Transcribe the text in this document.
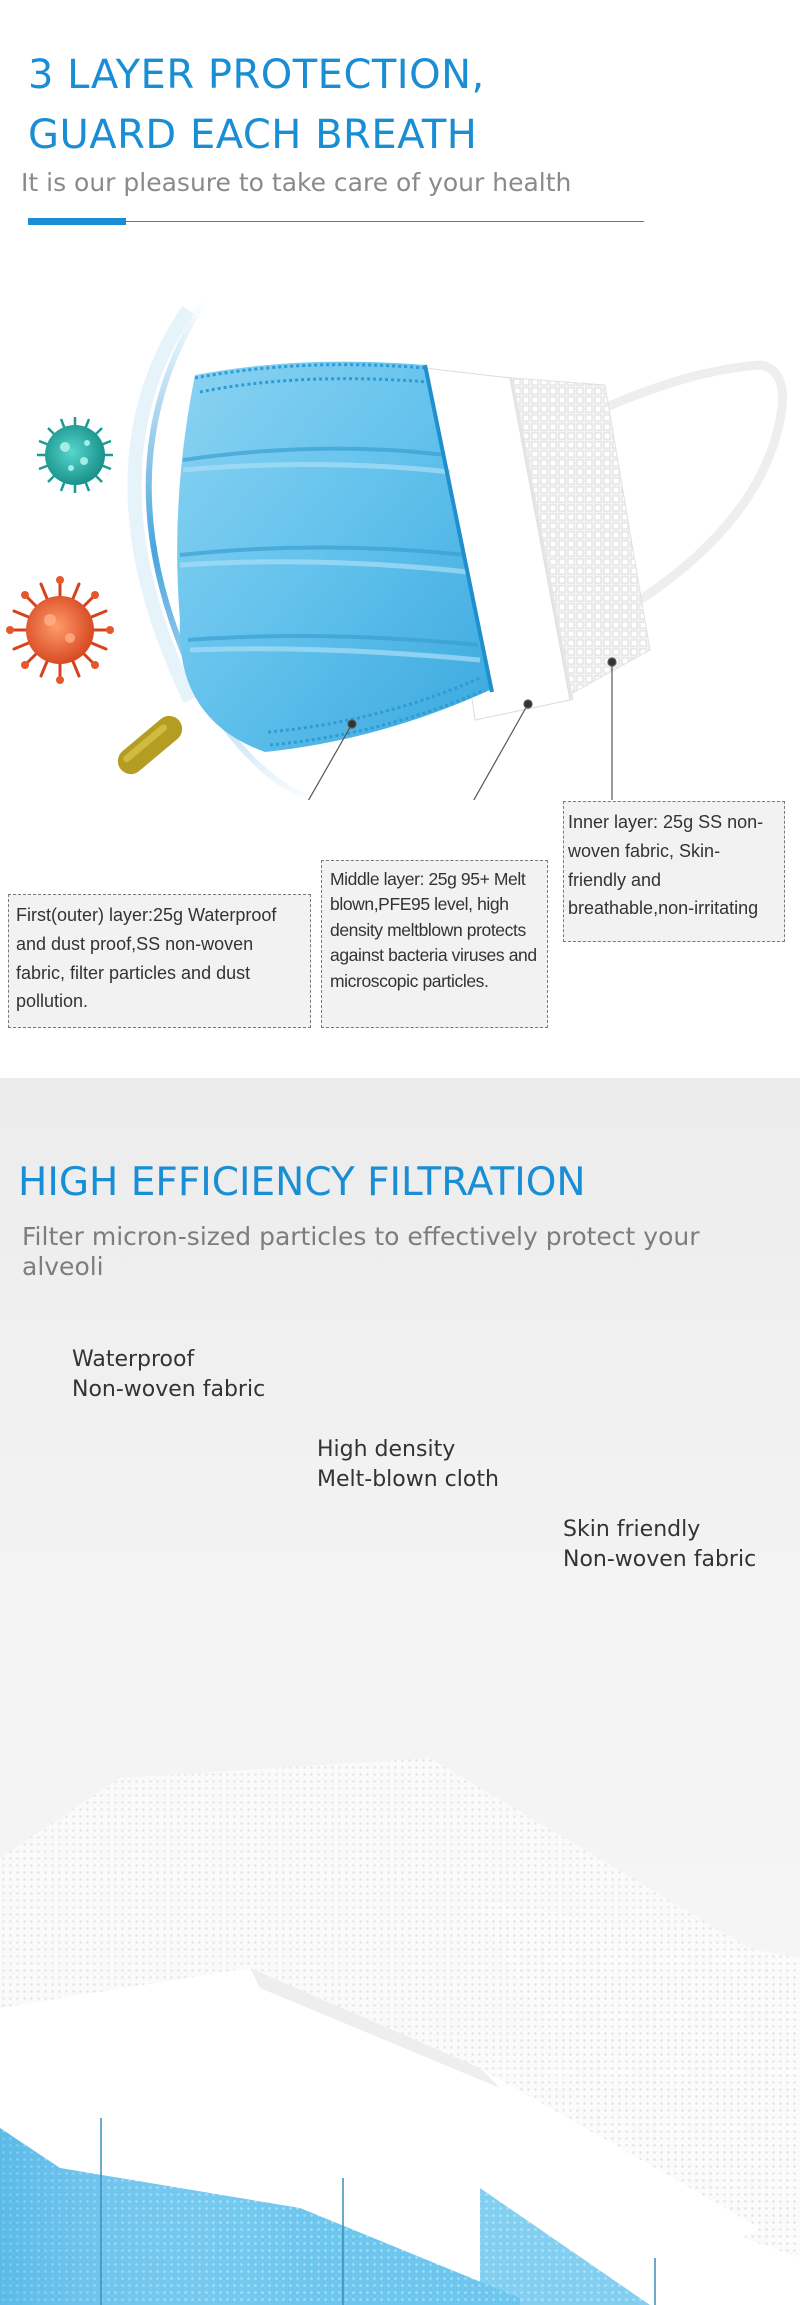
3 LAYER PROTECTION,
GUARD EACH BREATH
It is our pleasure to take care of your health
First(outer) layer:25g Waterproof and dust proof,SS non-woven fabric, filter particles and dust pollution.
Middle layer: 25g 95+ Melt blown,PFE95 level, high density meltblown protects against bacteria viruses and microscopic particles.
Inner layer: 25g SS non-woven fabric, Skin-friendly and breathable,non-irritating
HIGH EFFICIENCY FILTRATION
Filter micron-sized particles to effectively protect your alveoli
Waterproof
Non-woven fabric
High density
Melt-blown cloth
Skin friendly
Non-woven fabric
